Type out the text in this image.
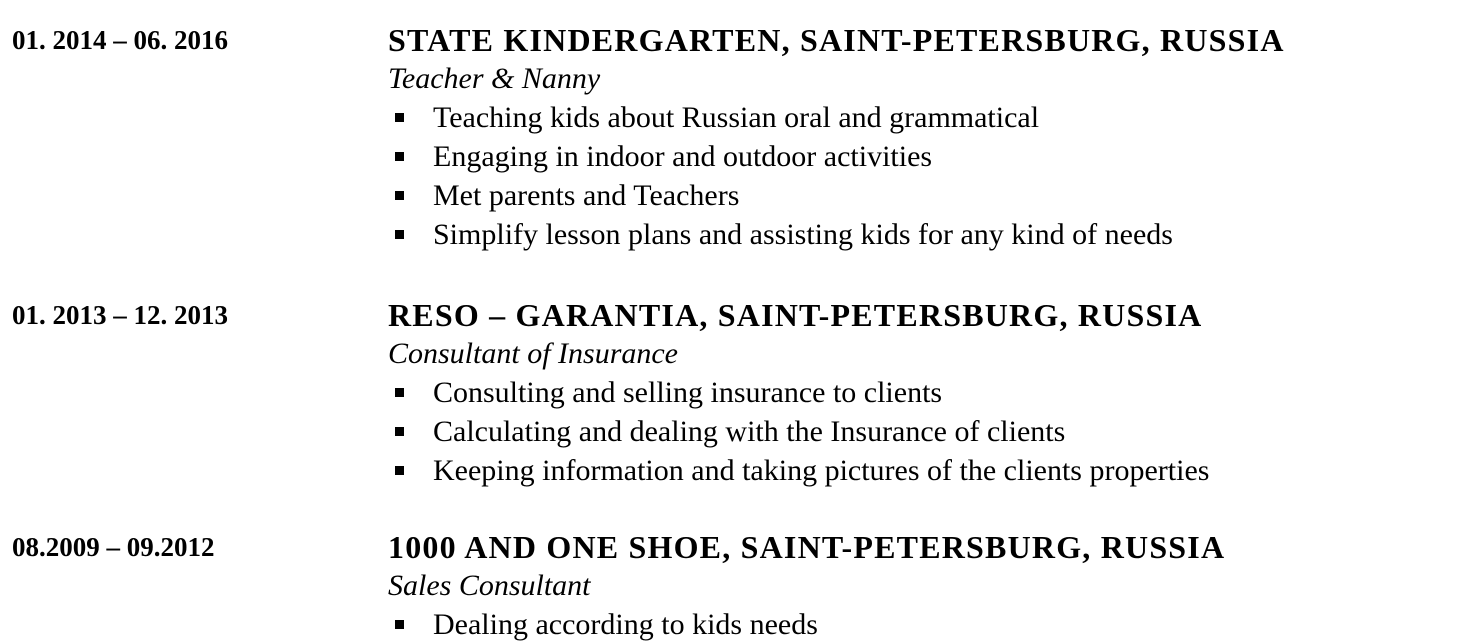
01. 2014 – 06. 2016	STATE KINDERGARTEN, SAINT-PETERSBURG, RUSSIA
Teacher & Nanny
Teaching kids about Russian oral and grammatical
Engaging in indoor and outdoor activities
Met parents and Teachers
Simplify lesson plans and assisting kids for any kind of needs
01. 2013 – 12. 2013	RESO – GARANTIA, SAINT-PETERSBURG, RUSSIA
Consultant of Insurance
Consulting and selling insurance to clients
Calculating and dealing with the Insurance of clients
Keeping information and taking pictures of the clients properties
08.2009 – 09.2012	1000 AND ONE SHOE, SAINT-PETERSBURG, RUSSIA
Sales Consultant
Dealing according to kids needs
